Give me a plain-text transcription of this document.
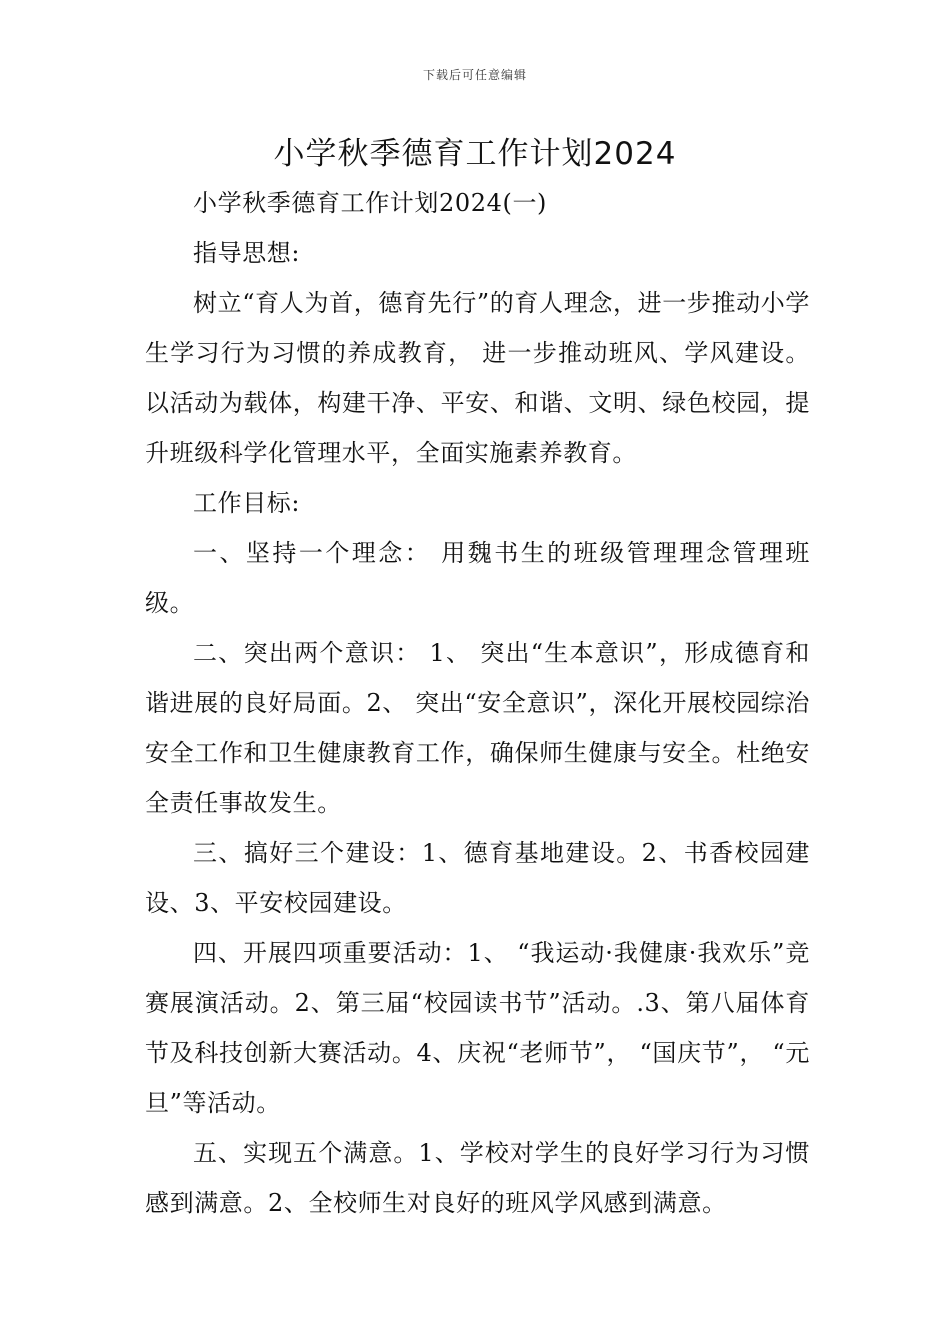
下载后可任意编辑
小学秋季德育工作计划2024

小学秋季德育工作计划2024(一)

指导思想:

树立“育人为首，德育先行”的育人理念，进一步推动小学生学习行为习惯的养成教育， 进一步推动班风、学风建设。以活动为载体，构建干净、平安、和谐、文明、绿色校园，提升班级科学化管理水平，全面实施素养教育。

工作目标:

一、坚持一个理念： 用魏书生的班级管理理念管理班级。

二、突出两个意识： 1、 突出“生本意识”，形成德育和谐进展的良好局面。2、 突出“安全意识”，深化开展校园综治安全工作和卫生健康教育工作，确保师生健康与安全。杜绝安全责任事故发生。

三、搞好三个建设：1、德育基地建设。2、书香校园建设、3、平安校园建设。

四、开展四项重要活动：1、 “我运动·我健康·我欢乐”竞赛展演活动。2、第三届“校园读书节”活动。.3、第八届体育节及科技创新大赛活动。4、庆祝“老师节”， “国庆节”， “元旦”等活动。

五、实现五个满意。1、学校对学生的良好学习行为习惯感到满意。2、全校师生对良好的班风学风感到满意。
